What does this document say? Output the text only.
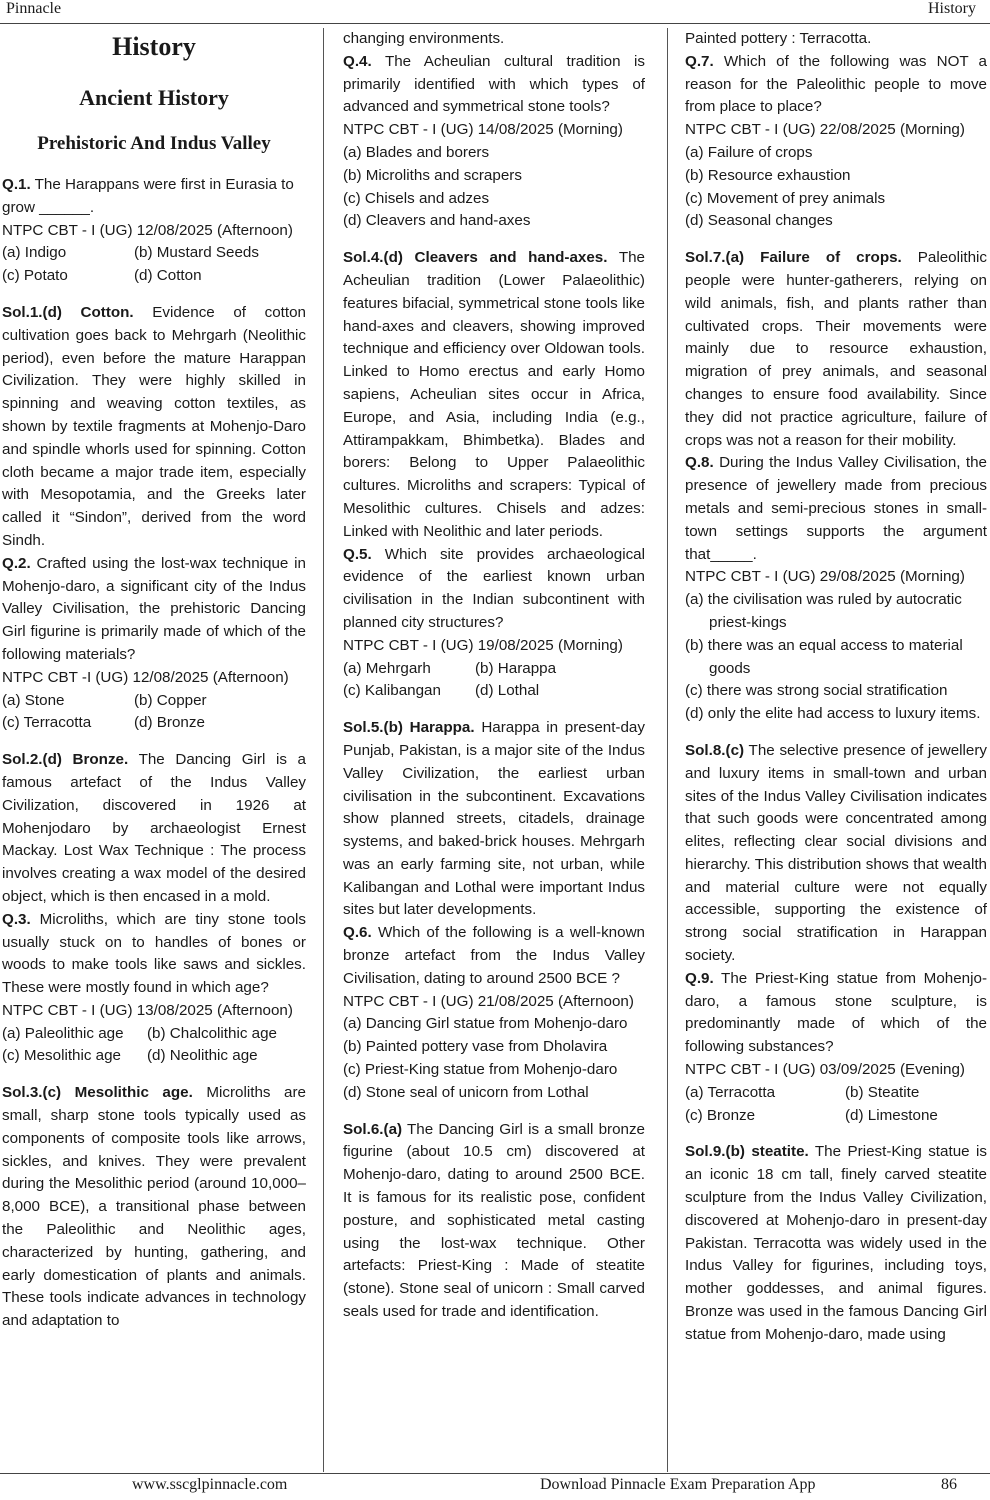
Pinnacle	History
History
Ancient History
Prehistoric And Indus Valley

Q.1. The Harappans were first in Eurasia to grow ______.

NTPC CBT - I (UG) 12/08/2025 (Afternoon)

(a) Indigo	(b) Mustard Seeds
(c) Potato	(d) Cotton

Sol.1.(d) Cotton. Evidence of cotton cultivation goes back to Mehrgarh (Neolithic period), even before the mature Harappan Civilization. They were highly skilled in spinning and weaving cotton textiles, as shown by textile fragments at Mohenjo-Daro and spindle whorls used for spinning. Cotton cloth became a major trade item, especially with Mesopotamia, and the Greeks later called it “Sindon”, derived from the word Sindh.

Q.2. Crafted using the lost-wax technique in Mohenjo-daro, a significant city of the Indus Valley Civilisation, the prehistoric Dancing Girl figurine is primarily made of which of the following materials?

NTPC CBT -I (UG) 12/08/2025 (Afternoon)

(a) Stone	(b) Copper
(c) Terracotta	(d) Bronze

Sol.2.(d) Bronze. The Dancing Girl is a famous artefact of the Indus Valley Civilization, discovered in 1926 at Mohenjodaro by archaeologist Ernest Mackay. Lost Wax Technique : The process involves creating a wax model of the desired object, which is then encased in a mold.

Q.3. Microliths, which are tiny stone tools usually stuck on to handles of bones or woods to make tools like saws and sickles. These were mostly found in which age?

NTPC CBT - I (UG) 13/08/2025 (Afternoon)

(a) Paleolithic age	(b) Chalcolithic age
(c) Mesolithic age	(d) Neolithic age

Sol.3.(c) Mesolithic age. Microliths are small, sharp stone tools typically used as components of composite tools like arrows, sickles, and knives. They were prevalent during the Mesolithic period (around 10,000–8,000 BCE), a transitional phase between the Paleolithic and Neolithic ages, characterized by hunting, gathering, and early domestication of plants and animals. These tools indicate advances in technology and adaptation to

changing environments.

Q.4. The Acheulian cultural tradition is primarily identified with which types of advanced and symmetrical stone tools?

NTPC CBT - I (UG) 14/08/2025 (Morning)

(a) Blades and borers

(b) Microliths and scrapers

(c) Chisels and adzes

(d) Cleavers and hand-axes

Sol.4.(d) Cleavers and hand-axes. The Acheulian tradition (Lower Palaeolithic) features bifacial, symmetrical stone tools like hand-axes and cleavers, showing improved technique and efficiency over Oldowan tools. Linked to Homo erectus and early Homo sapiens, Acheulian sites occur in Africa, Europe, and Asia, including India (e.g., Attirampakkam, Bhimbetka). Blades and borers: Belong to Upper Palaeolithic cultures. Microliths and scrapers: Typical of Mesolithic cultures. Chisels and adzes: Linked with Neolithic and later periods.

Q.5. Which site provides archaeological evidence of the earliest known urban civilisation in the Indian subcontinent with planned city structures?

NTPC CBT - I (UG) 19/08/2025 (Morning)

(a) Mehrgarh	(b) Harappa
(c) Kalibangan	(d) Lothal

Sol.5.(b) Harappa. Harappa in present-day Punjab, Pakistan, is a major site of the Indus Valley Civilization, the earliest urban civilisation in the subcontinent. Excavations show planned streets, citadels, drainage systems, and baked-brick houses. Mehrgarh was an early farming site, not urban, while Kalibangan and Lothal were important Indus sites but later developments.

Q.6. Which of the following is a well-known bronze artefact from the Indus Valley Civilisation, dating to around 2500 BCE ?

NTPC CBT - I (UG) 21/08/2025 (Afternoon)

(a) Dancing Girl statue from Mohenjo-daro

(b) Painted pottery vase from Dholavira

(c) Priest-King statue from Mohenjo-daro

(d) Stone seal of unicorn from Lothal

Sol.6.(a) The Dancing Girl is a small bronze figurine (about 10.5 cm) discovered at Mohenjo-daro, dating to around 2500 BCE. It is famous for its realistic pose, confident posture, and sophisticated metal casting using the lost-wax technique. Other artefacts: Priest-King : Made of steatite (stone). Stone seal of unicorn : Small carved seals used for trade and identification.

Painted pottery : Terracotta.

Q.7. Which of the following was NOT a reason for the Paleolithic people to move from place to place?

NTPC CBT - I (UG) 22/08/2025 (Morning)

(a) Failure of crops

(b) Resource exhaustion

(c) Movement of prey animals

(d) Seasonal changes

Sol.7.(a) Failure of crops. Paleolithic people were hunter-gatherers, relying on wild animals, fish, and plants rather than cultivated crops. Their movements were mainly due to resource exhaustion, migration of prey animals, and seasonal changes to ensure food availability. Since they did not practice agriculture, failure of crops was not a reason for their mobility.

Q.8. During the Indus Valley Civilisation, the presence of jewellery made from precious metals and semi-precious stones in small-town settings supports the argument that_____.

NTPC CBT - I (UG) 29/08/2025 (Morning)

(a) the civilisation was ruled by autocratic priest-kings

(b) there was an equal access to material goods

(c) there was strong social stratification

(d) only the elite had access to luxury items.

Sol.8.(c) The selective presence of jewellery and luxury items in small-town and urban sites of the Indus Valley Civilisation indicates that such goods were concentrated among elites, reflecting clear social divisions and hierarchy. This distribution shows that wealth and material culture were not equally accessible, supporting the existence of strong social stratification in Harappan society.

Q.9. The Priest-King statue from Mohenjo-daro, a famous stone sculpture, is predominantly made of which of the following substances?

NTPC CBT - I (UG) 03/09/2025 (Evening)

(a) Terracotta	(b) Steatite
(c) Bronze	(d) Limestone

Sol.9.(b) steatite. The Priest-King statue is an iconic 18 cm tall, finely carved steatite sculpture from the Indus Valley Civilization, discovered at Mohenjo-daro in present-day Pakistan. Terracotta was widely used in the Indus Valley for figurines, including toys, mother goddesses, and animal figures. Bronze was used in the famous Dancing Girl statue from Mohenjo-daro, made using

www.sscglpinnacle.com	Download Pinnacle Exam Preparation App	86
